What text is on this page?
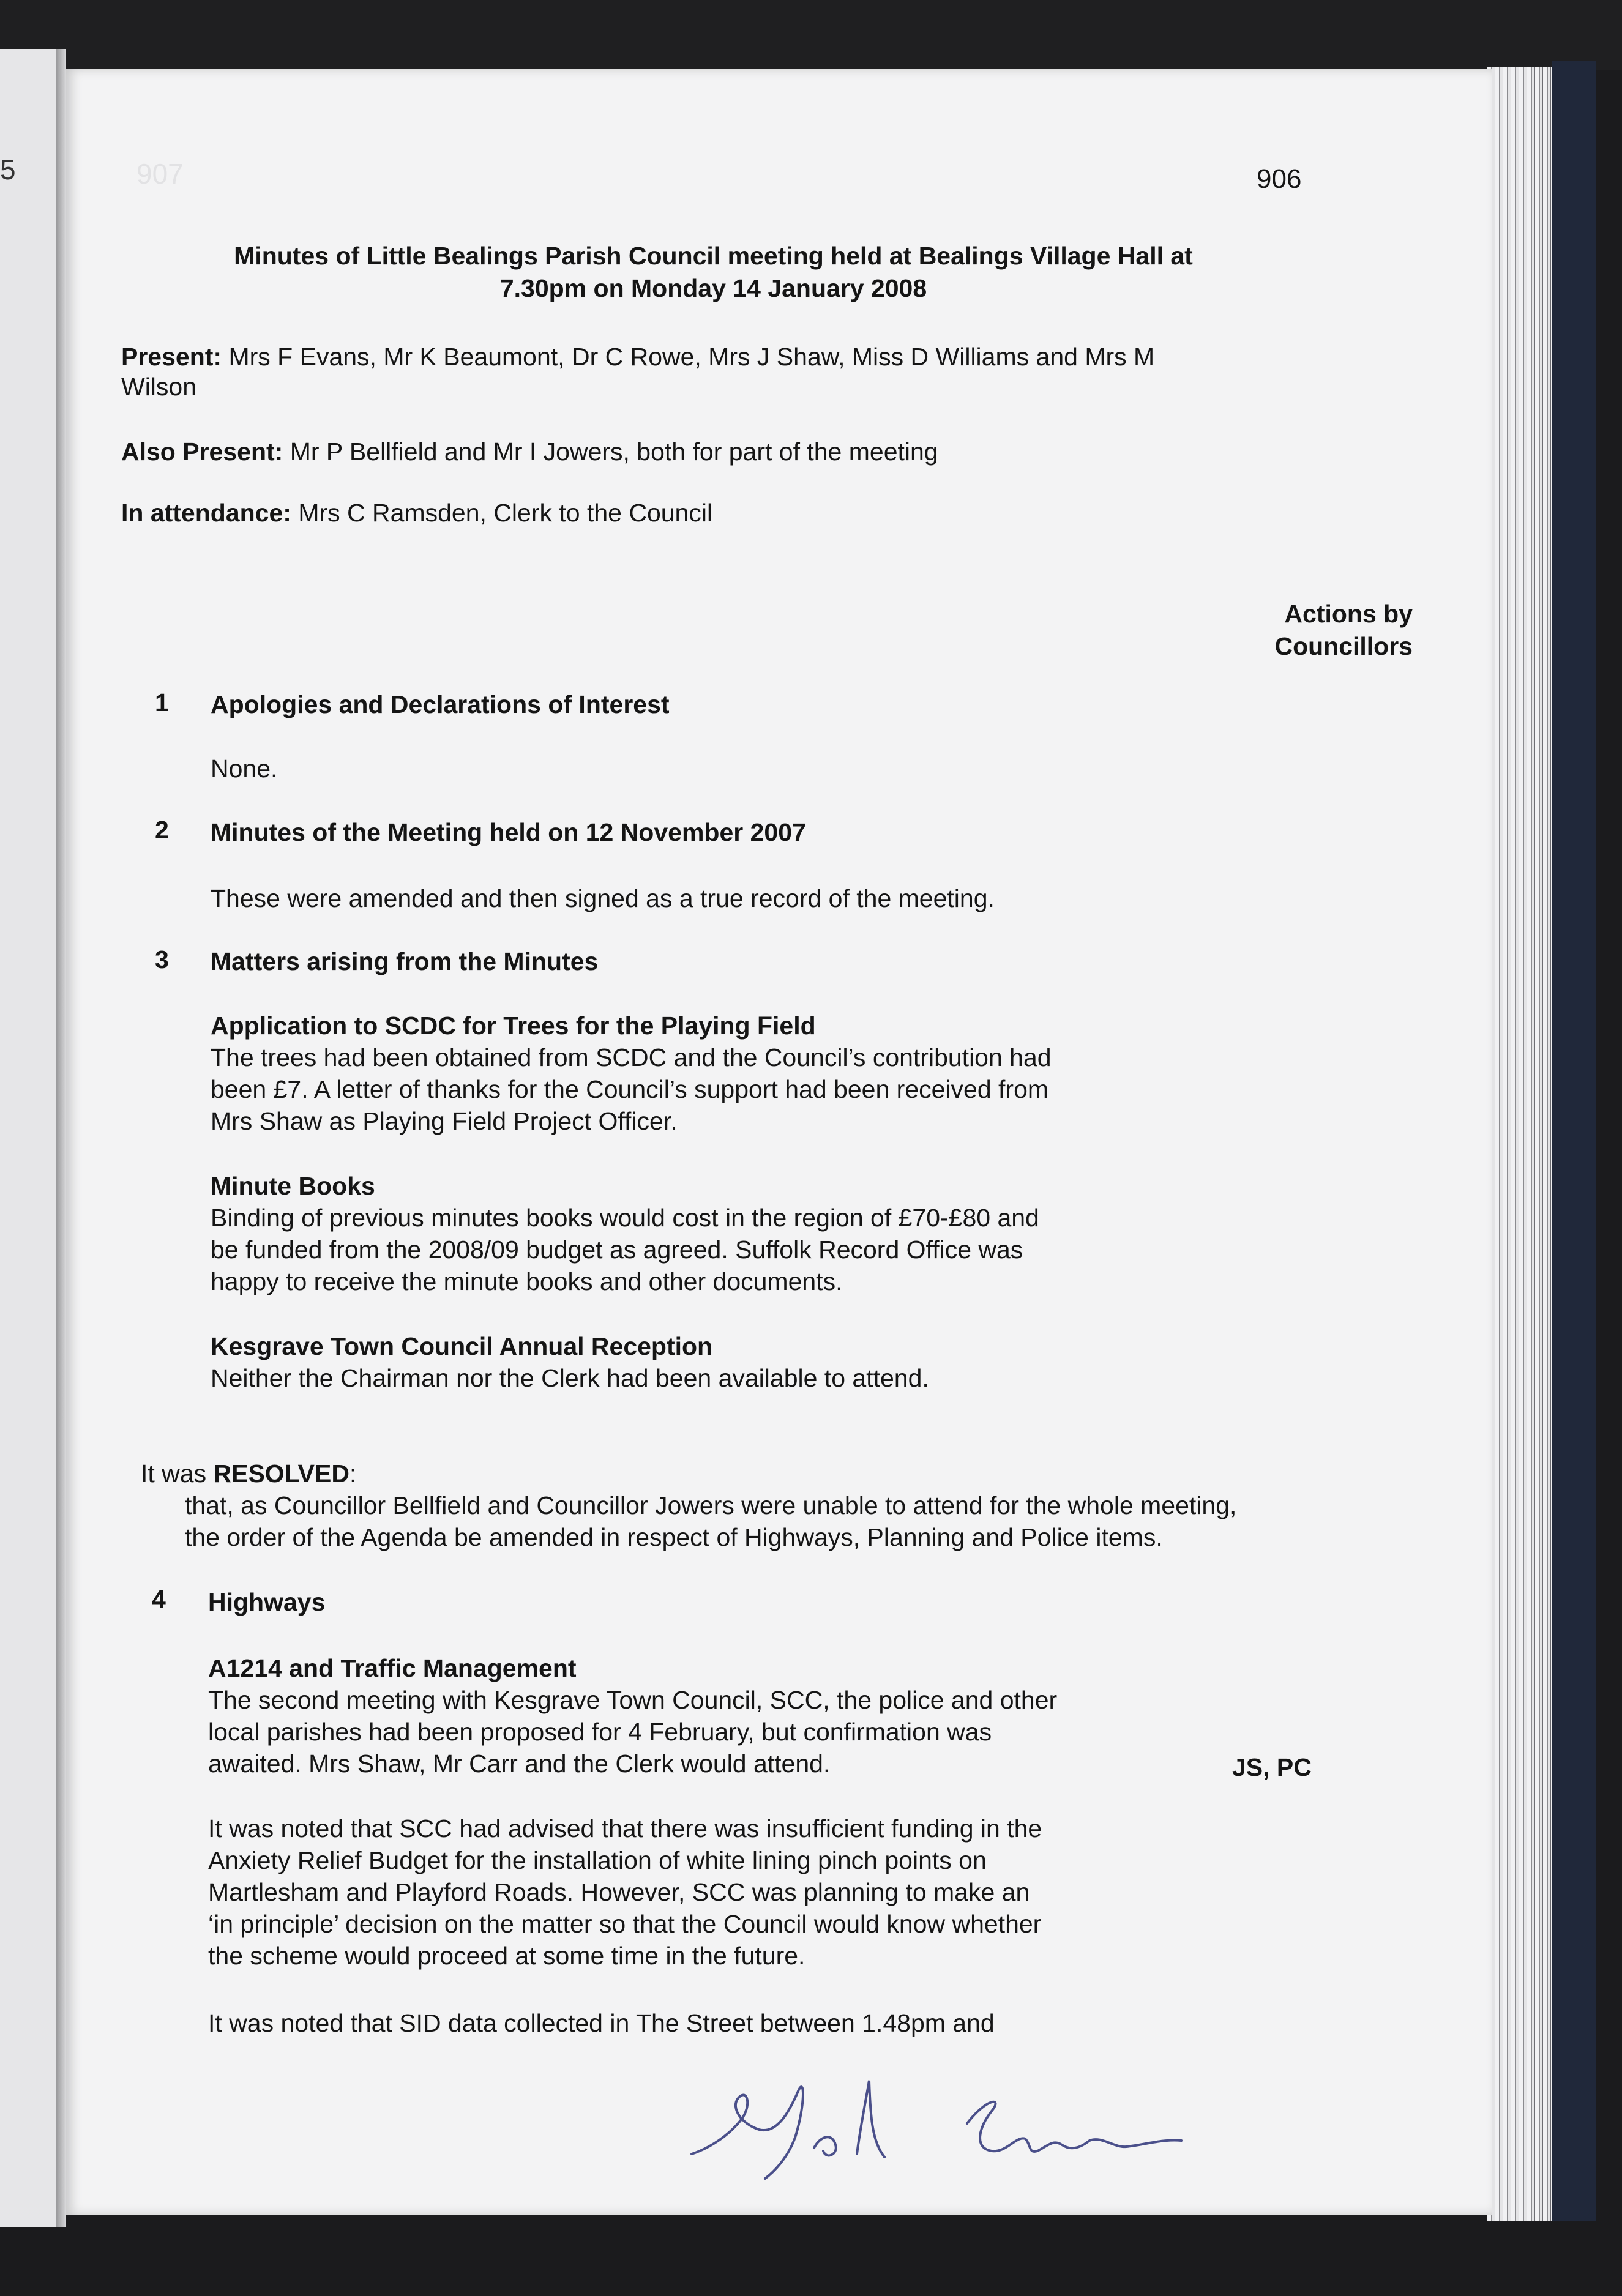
5	907	906
Minutes of Little Bealings Parish Council meeting held at Bealings Village Hall at
7.30pm on Monday 14 January 2008
Present: Mrs F Evans, Mr K Beaumont, Dr C Rowe, Mrs J Shaw, Miss D Williams and Mrs M
Wilson
Also Present: Mr P Bellfield and Mr I Jowers, both for part of the meeting
In attendance: Mrs C Ramsden, Clerk to the Council
Actions by
Councillors
1 Apologies and Declarations of Interest
None.
2 Minutes of the Meeting held on 12 November 2007
These were amended and then signed as a true record of the meeting.
3 Matters arising from the Minutes
Application to SCDC for Trees for the Playing Field
The trees had been obtained from SCDC and the Council’s contribution had
been £7. A letter of thanks for the Council’s support had been received from
Mrs Shaw as Playing Field Project Officer.
Minute Books
Binding of previous minutes books would cost in the region of £70-£80 and
be funded from the 2008/09 budget as agreed. Suffolk Record Office was
happy to receive the minute books and other documents.
Kesgrave Town Council Annual Reception
Neither the Chairman nor the Clerk had been available to attend.
It was RESOLVED:
that, as Councillor Bellfield and Councillor Jowers were unable to attend for the whole meeting,
the order of the Agenda be amended in respect of Highways, Planning and Police items.
4 Highways
A1214 and Traffic Management
The second meeting with Kesgrave Town Council, SCC, the police and other
local parishes had been proposed for 4 February, but confirmation was
awaited. Mrs Shaw, Mr Carr and the Clerk would attend.	JS, PC
It was noted that SCC had advised that there was insufficient funding in the
Anxiety Relief Budget for the installation of white lining pinch points on
Martlesham and Playford Roads. However, SCC was planning to make an
‘in principle’ decision on the matter so that the Council would know whether
the scheme would proceed at some time in the future.
It was noted that SID data collected in The Street between 1.48pm and
